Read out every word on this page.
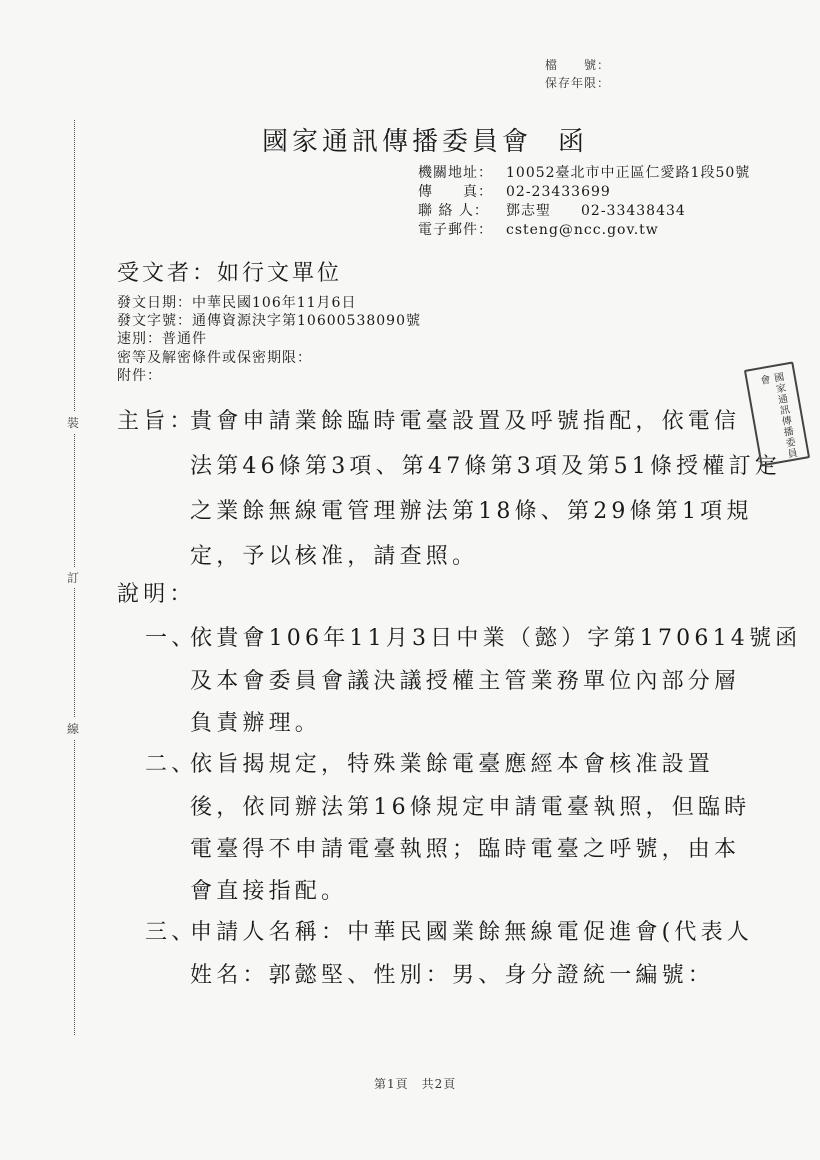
檔　　號：
保存年限：
國家通訊傳播委員會 函
機關地址： 10052臺北市中正區仁愛路1段50號
傳　　真： 02-23433699
聯 絡 人：	鄧志聖　　02-33438434
電子郵件： csteng@ncc.gov.tw
受文者：如行文單位
發文日期：中華民國106年11月6日
發文字號：通傳資源決字第10600538090號
速別：普通件
密等及解密條件或保密期限：
附件：
主旨：
貴會申請業餘臨時電臺設置及呼號指配，依電信
法第46條第3項、第47條第3項及第51條授權訂定
之業餘無線電管理辦法第18條、第29條第1項規
定，予以核准，請查照。
說明：
一、
依貴會106年11月3日中業（懿）字第170614號函
及本會委員會議決議授權主管業務單位內部分層
負責辦理。
二、
依旨揭規定，特殊業餘電臺應經本會核准設置
後，依同辦法第16條規定申請電臺執照，但臨時
電臺得不申請電臺執照；臨時電臺之呼號，由本
會直接指配。
三、
申請人名稱：中華民國業餘無線電促進會(代表人
姓名：郭懿堅、性別：男、身分證統一編號：
裝
訂
線
國家通訊傳播委員會
第1頁　共2頁
